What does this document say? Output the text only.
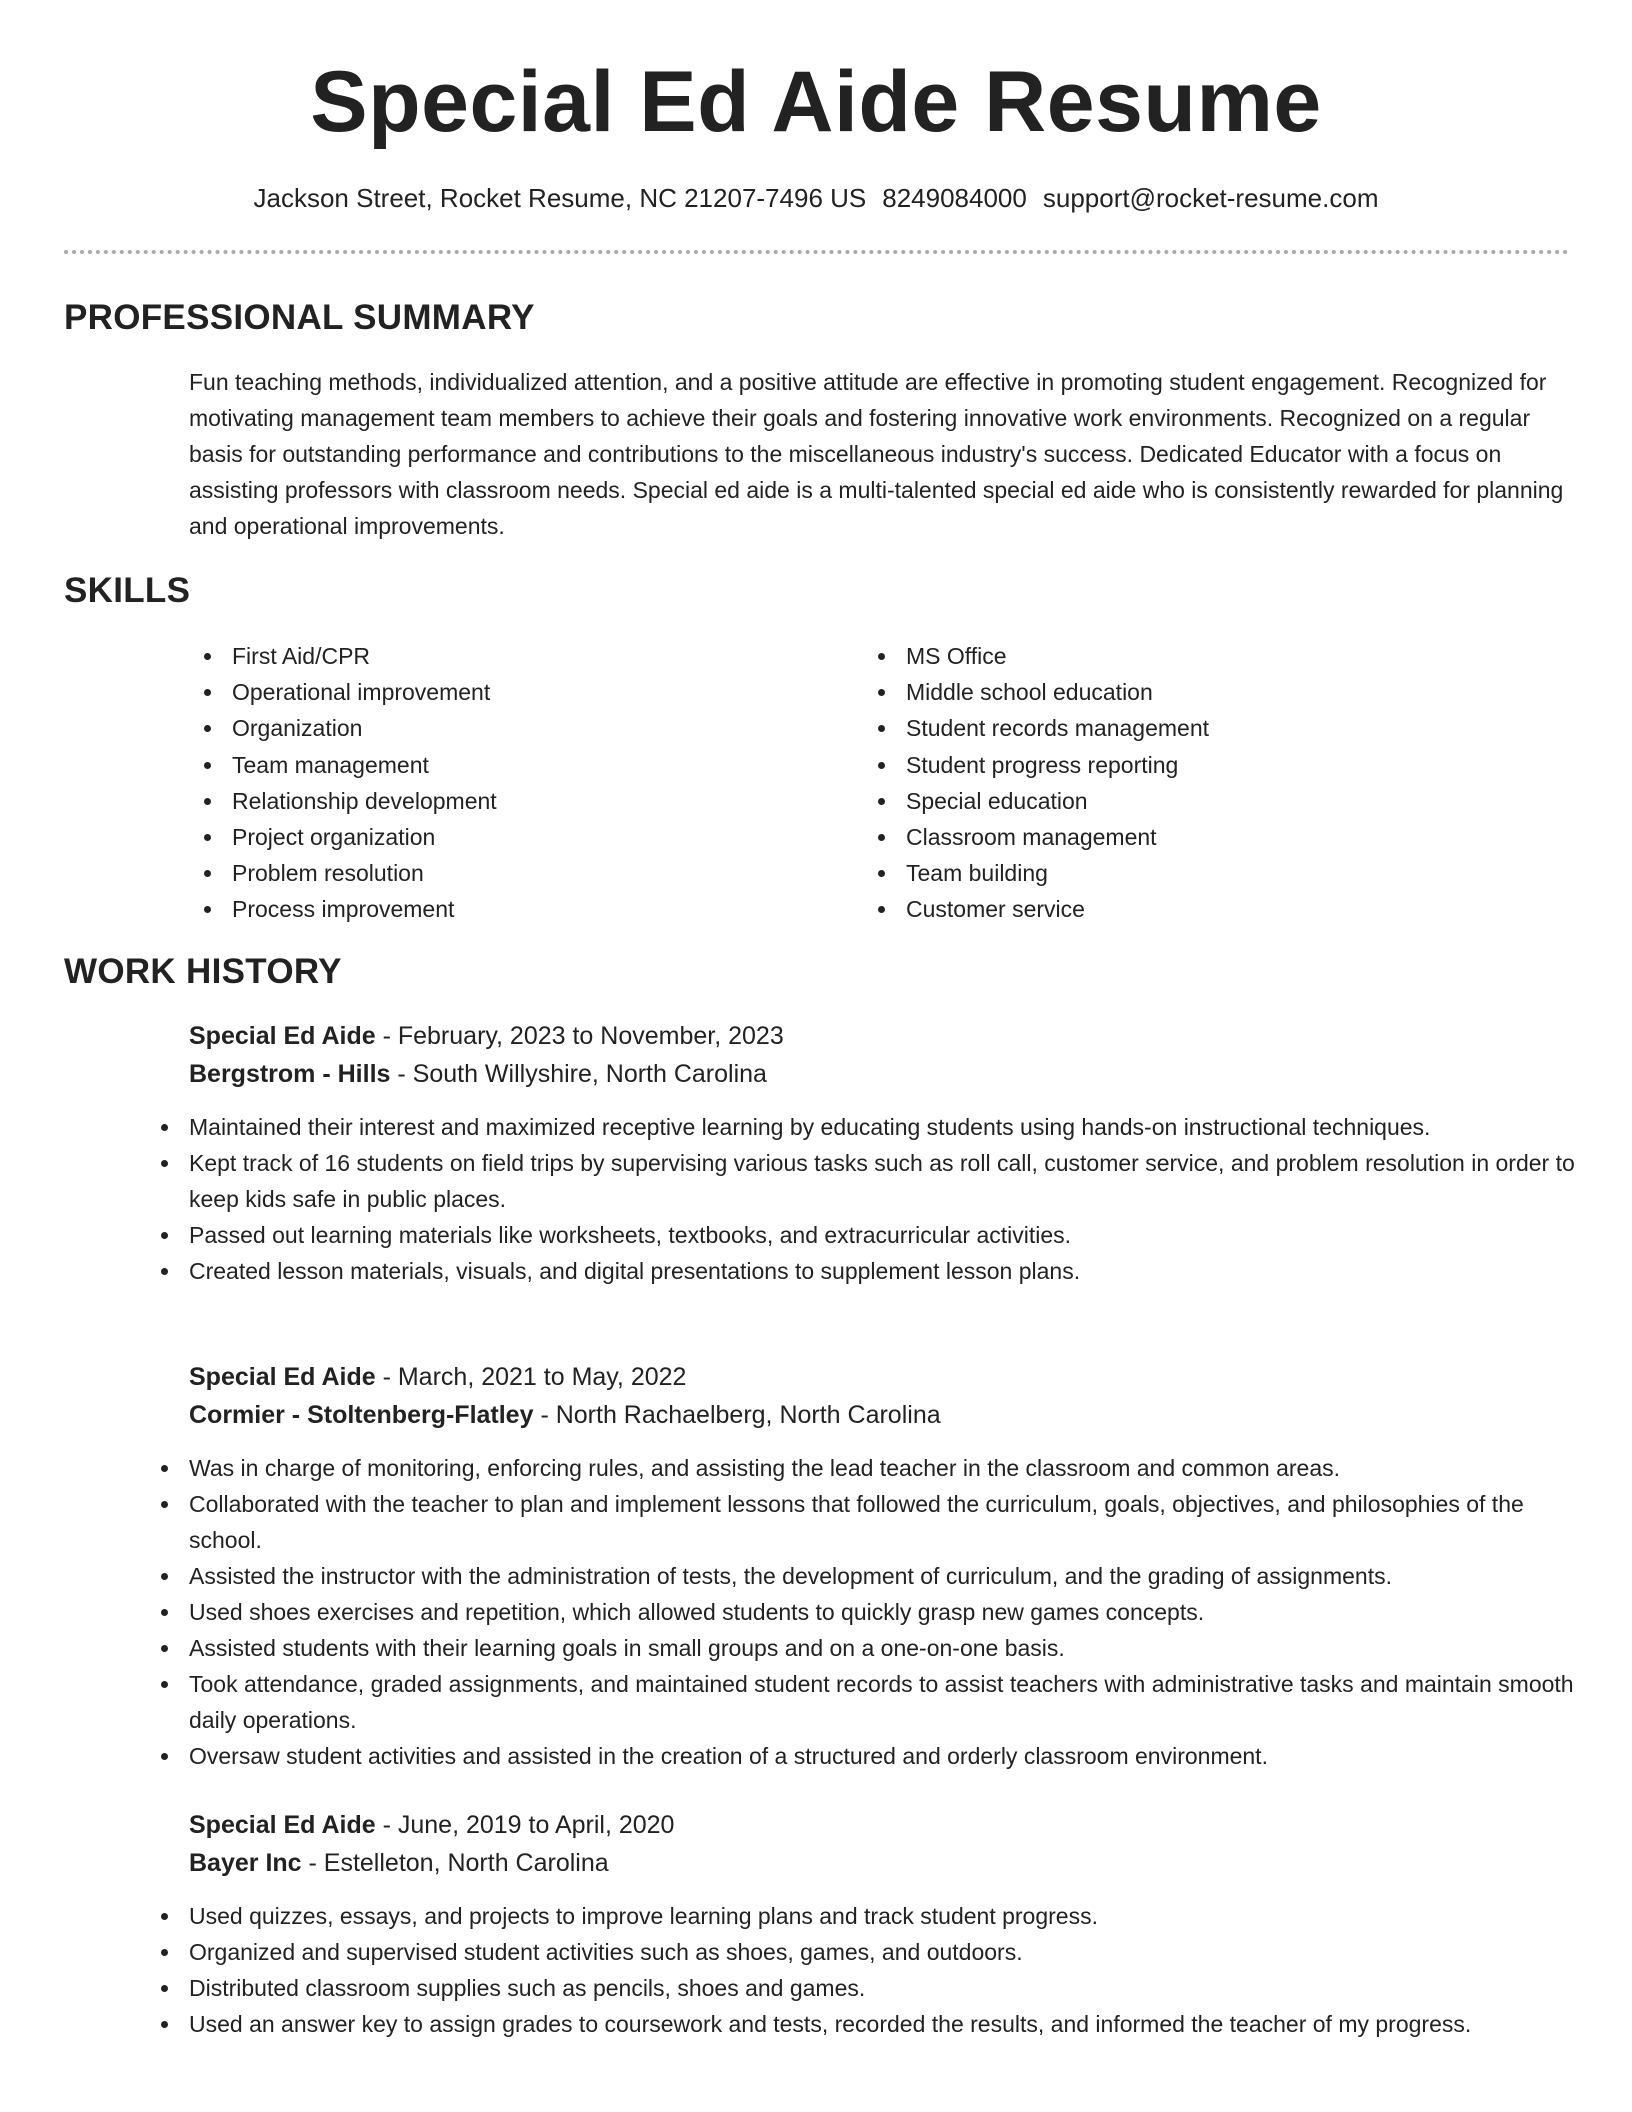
Special Ed Aide Resume
Jackson Street, Rocket Resume, NC 21207-7496 US 8249084000 support@rocket-resume.com
PROFESSIONAL SUMMARY

Fun teaching methods, individualized attention, and a positive attitude are effective in promoting student engagement. Recognized for motivating management team members to achieve their goals and fostering innovative work environments. Recognized on a regular basis for outstanding performance and contributions to the miscellaneous industry's success. Dedicated Educator with a focus on assisting professors with classroom needs. Special ed aide is a multi-talented special ed aide who is consistently rewarded for planning and operational improvements.

SKILLS
First Aid/CPR
Operational improvement
Organization
Team management
Relationship development
Project organization
Problem resolution
Process improvement
MS Office
Middle school education
Student records management
Student progress reporting
Special education
Classroom management
Team building
Customer service
WORK HISTORY
Special Ed Aide - February, 2023 to November, 2023
Bergstrom - Hills - South Willyshire, North Carolina
Maintained their interest and maximized receptive learning by educating students using hands-on instructional techniques.
Kept track of 16 students on field trips by supervising various tasks such as roll call, customer service, and problem resolution in order to keep kids safe in public places.
Passed out learning materials like worksheets, textbooks, and extracurricular activities.
Created lesson materials, visuals, and digital presentations to supplement lesson plans.
Special Ed Aide - March, 2021 to May, 2022
Cormier - Stoltenberg-Flatley - North Rachaelberg, North Carolina
Was in charge of monitoring, enforcing rules, and assisting the lead teacher in the classroom and common areas.
Collaborated with the teacher to plan and implement lessons that followed the curriculum, goals, objectives, and philosophies of the school.
Assisted the instructor with the administration of tests, the development of curriculum, and the grading of assignments.
Used shoes exercises and repetition, which allowed students to quickly grasp new games concepts.
Assisted students with their learning goals in small groups and on a one-on-one basis.
Took attendance, graded assignments, and maintained student records to assist teachers with administrative tasks and maintain smooth daily operations.
Oversaw student activities and assisted in the creation of a structured and orderly classroom environment.
Special Ed Aide - June, 2019 to April, 2020
Bayer Inc - Estelleton, North Carolina
Used quizzes, essays, and projects to improve learning plans and track student progress.
Organized and supervised student activities such as shoes, games, and outdoors.
Distributed classroom supplies such as pencils, shoes and games.
Used an answer key to assign grades to coursework and tests, recorded the results, and informed the teacher of my progress.
